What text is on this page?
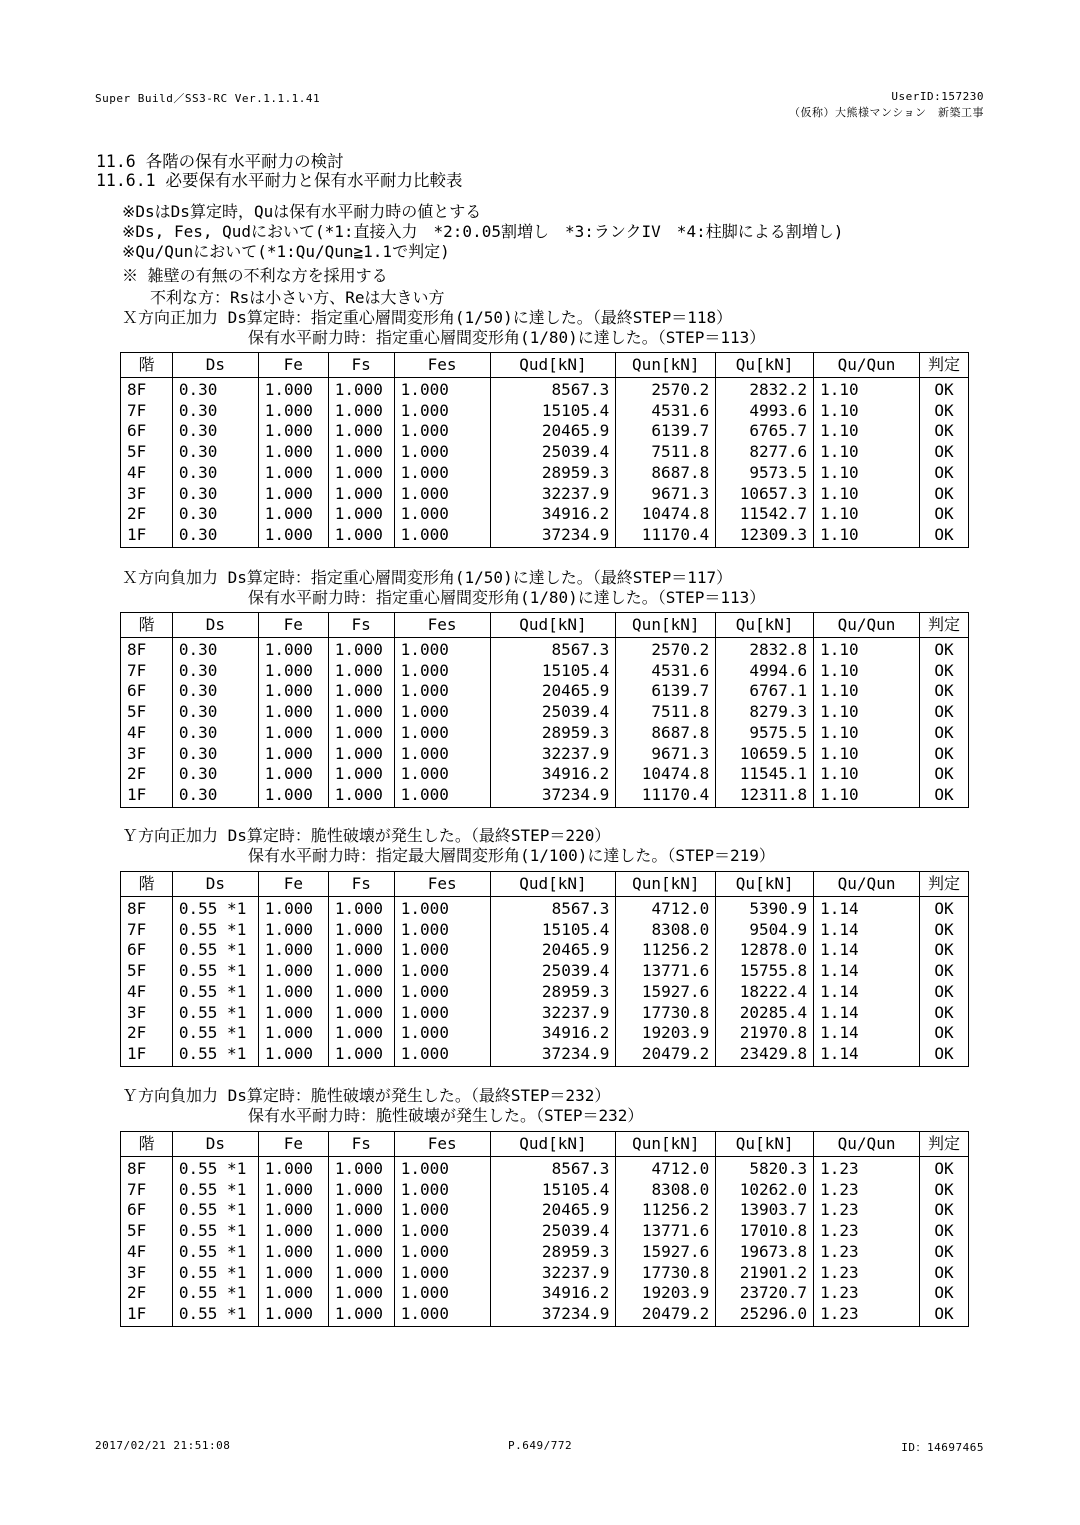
Super Build／SS3-RC Ver.1.1.1.41	UserID:157230
（仮称）大熊様マンション　新築工事
11.6 各階の保有水平耐力の検討
11.6.1 必要保有水平耐力と保有水平耐力比較表
※DsはDs算定時，Quは保有水平耐力時の値とする
※Ds, Fes, Qudにおいて(*1:直接入力　*2:0.05割増し　*3:ランクIV　*4:柱脚による割増し)
※Qu/Qunにおいて(*1:Qu/Qun≧1.1で判定)
※ 雑壁の有無の不利な方を採用する
不利な方：Rsは小さい方、Reは大きい方
Ｘ方向正加力 Ds算定時：指定重心層間変形角(1/50)に達した。（最終STEP＝118）
保有水平耐力時：指定重心層間変形角(1/80)に達した。（STEP＝113）
階	Ds	Fe	Fs	Fes	Qud[kN]	Qun[kN]	Qu[kN]	Qu/Qun	判定
8F	0.30	1.000	1.000	1.000	8567.3	2570.2	2832.2	1.10	OK
7F	0.30	1.000	1.000	1.000	15105.4	4531.6	4993.6	1.10	OK
6F	0.30	1.000	1.000	1.000	20465.9	6139.7	6765.7	1.10	OK
5F	0.30	1.000	1.000	1.000	25039.4	7511.8	8277.6	1.10	OK
4F	0.30	1.000	1.000	1.000	28959.3	8687.8	9573.5	1.10	OK
3F	0.30	1.000	1.000	1.000	32237.9	9671.3	10657.3	1.10	OK
2F	0.30	1.000	1.000	1.000	34916.2	10474.8	11542.7	1.10	OK
1F	0.30	1.000	1.000	1.000	37234.9	11170.4	12309.3	1.10	OK
Ｘ方向負加力 Ds算定時：指定重心層間変形角(1/50)に達した。（最終STEP＝117）
保有水平耐力時：指定重心層間変形角(1/80)に達した。（STEP＝113）
階	Ds	Fe	Fs	Fes	Qud[kN]	Qun[kN]	Qu[kN]	Qu/Qun	判定
8F	0.30	1.000	1.000	1.000	8567.3	2570.2	2832.8	1.10	OK
7F	0.30	1.000	1.000	1.000	15105.4	4531.6	4994.6	1.10	OK
6F	0.30	1.000	1.000	1.000	20465.9	6139.7	6767.1	1.10	OK
5F	0.30	1.000	1.000	1.000	25039.4	7511.8	8279.3	1.10	OK
4F	0.30	1.000	1.000	1.000	28959.3	8687.8	9575.5	1.10	OK
3F	0.30	1.000	1.000	1.000	32237.9	9671.3	10659.5	1.10	OK
2F	0.30	1.000	1.000	1.000	34916.2	10474.8	11545.1	1.10	OK
1F	0.30	1.000	1.000	1.000	37234.9	11170.4	12311.8	1.10	OK
Ｙ方向正加力 Ds算定時：脆性破壊が発生した。（最終STEP＝220）
保有水平耐力時：指定最大層間変形角(1/100)に達した。（STEP＝219）
階	Ds	Fe	Fs	Fes	Qud[kN]	Qun[kN]	Qu[kN]	Qu/Qun	判定
8F	0.55 *1	1.000	1.000	1.000	8567.3	4712.0	5390.9	1.14	OK
7F	0.55 *1	1.000	1.000	1.000	15105.4	8308.0	9504.9	1.14	OK
6F	0.55 *1	1.000	1.000	1.000	20465.9	11256.2	12878.0	1.14	OK
5F	0.55 *1	1.000	1.000	1.000	25039.4	13771.6	15755.8	1.14	OK
4F	0.55 *1	1.000	1.000	1.000	28959.3	15927.6	18222.4	1.14	OK
3F	0.55 *1	1.000	1.000	1.000	32237.9	17730.8	20285.4	1.14	OK
2F	0.55 *1	1.000	1.000	1.000	34916.2	19203.9	21970.8	1.14	OK
1F	0.55 *1	1.000	1.000	1.000	37234.9	20479.2	23429.8	1.14	OK
Ｙ方向負加力 Ds算定時：脆性破壊が発生した。（最終STEP＝232）
保有水平耐力時：脆性破壊が発生した。（STEP＝232）
階	Ds	Fe	Fs	Fes	Qud[kN]	Qun[kN]	Qu[kN]	Qu/Qun	判定
8F	0.55 *1	1.000	1.000	1.000	8567.3	4712.0	5820.3	1.23	OK
7F	0.55 *1	1.000	1.000	1.000	15105.4	8308.0	10262.0	1.23	OK
6F	0.55 *1	1.000	1.000	1.000	20465.9	11256.2	13903.7	1.23	OK
5F	0.55 *1	1.000	1.000	1.000	25039.4	13771.6	17010.8	1.23	OK
4F	0.55 *1	1.000	1.000	1.000	28959.3	15927.6	19673.8	1.23	OK
3F	0.55 *1	1.000	1.000	1.000	32237.9	17730.8	21901.2	1.23	OK
2F	0.55 *1	1.000	1.000	1.000	34916.2	19203.9	23720.7	1.23	OK
1F	0.55 *1	1.000	1.000	1.000	37234.9	20479.2	25296.0	1.23	OK
2017/02/21 21:51:08	P.649/772	ID：14697465
